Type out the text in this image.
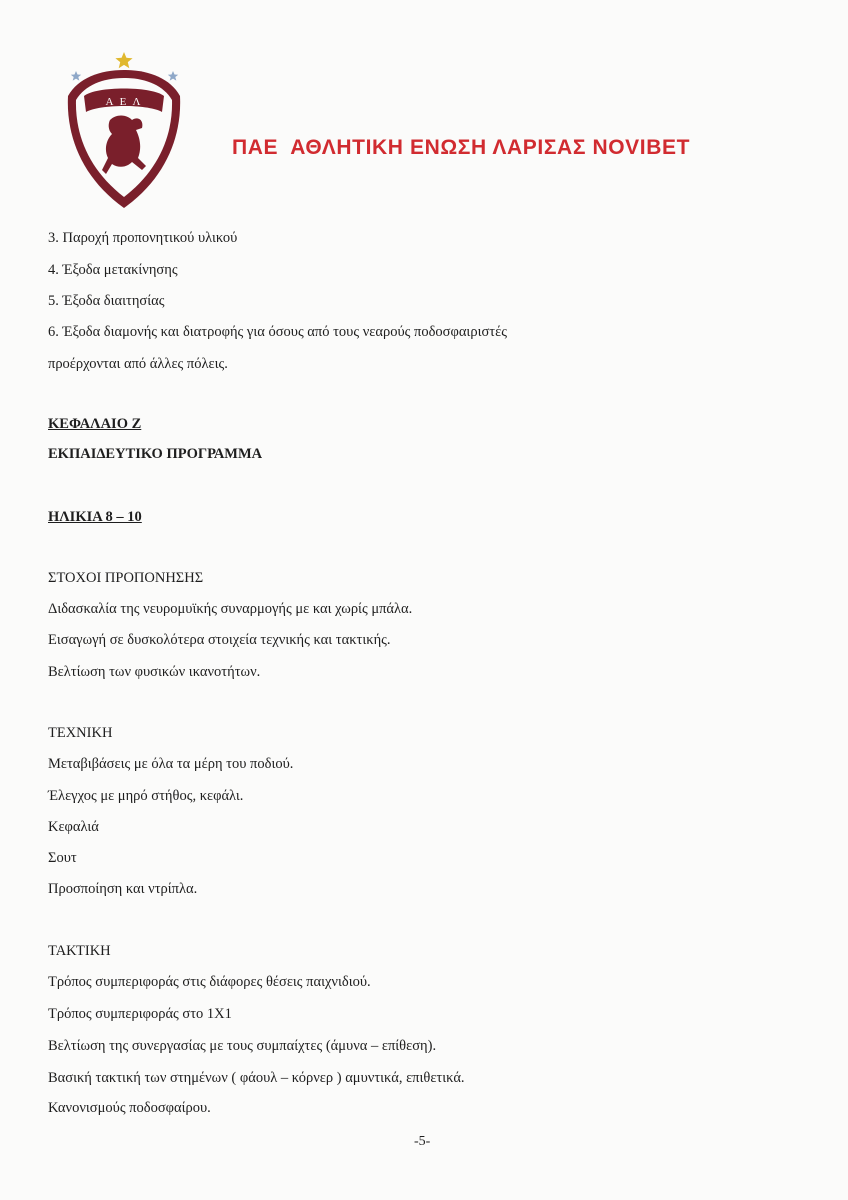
Α Ε Λ
ΠΑΕ  ΑΘΛΗΤΙΚΗ ΕΝΩΣΗ ΛΑΡΙΣΑΣ NOVIBET
3. Παροχή προπονητικού υλικού
4. Έξοδα μετακίνησης
5. Έξοδα διαιτησίας
6. Έξοδα διαμονής και διατροφής για όσους από τους νεαρούς ποδοσφαιριστές
προέρχονται από άλλες πόλεις.
ΚΕΦΑΛΑΙΟ Ζ
ΕΚΠΑΙΔΕΥΤΙΚΟ ΠΡΟΓΡΑΜΜΑ
ΗΛΙΚΙΑ 8 – 10
ΣΤΟΧΟΙ ΠΡΟΠΟΝΗΣΗΣ
Διδασκαλία της νευρομυϊκής συναρμογής με και χωρίς μπάλα.
Εισαγωγή σε δυσκολότερα στοιχεία τεχνικής και τακτικής.
Βελτίωση των φυσικών ικανοτήτων.
ΤΕΧΝΙΚΗ
Μεταβιβάσεις με όλα τα μέρη του ποδιού.
Έλεγχος με μηρό στήθος, κεφάλι.
Κεφαλιά
Σουτ
Προσποίηση και ντρίπλα.
ΤΑΚΤΙΚΗ
Τρόπος συμπεριφοράς στις διάφορες θέσεις παιχνιδιού.
Τρόπος συμπεριφοράς στο 1Χ1
Βελτίωση της συνεργασίας με τους συμπαίχτες (άμυνα – επίθεση).
Βασική τακτική των στημένων ( φάουλ – κόρνερ ) αμυντικά, επιθετικά.
Κανονισμούς ποδοσφαίρου.
-5-
